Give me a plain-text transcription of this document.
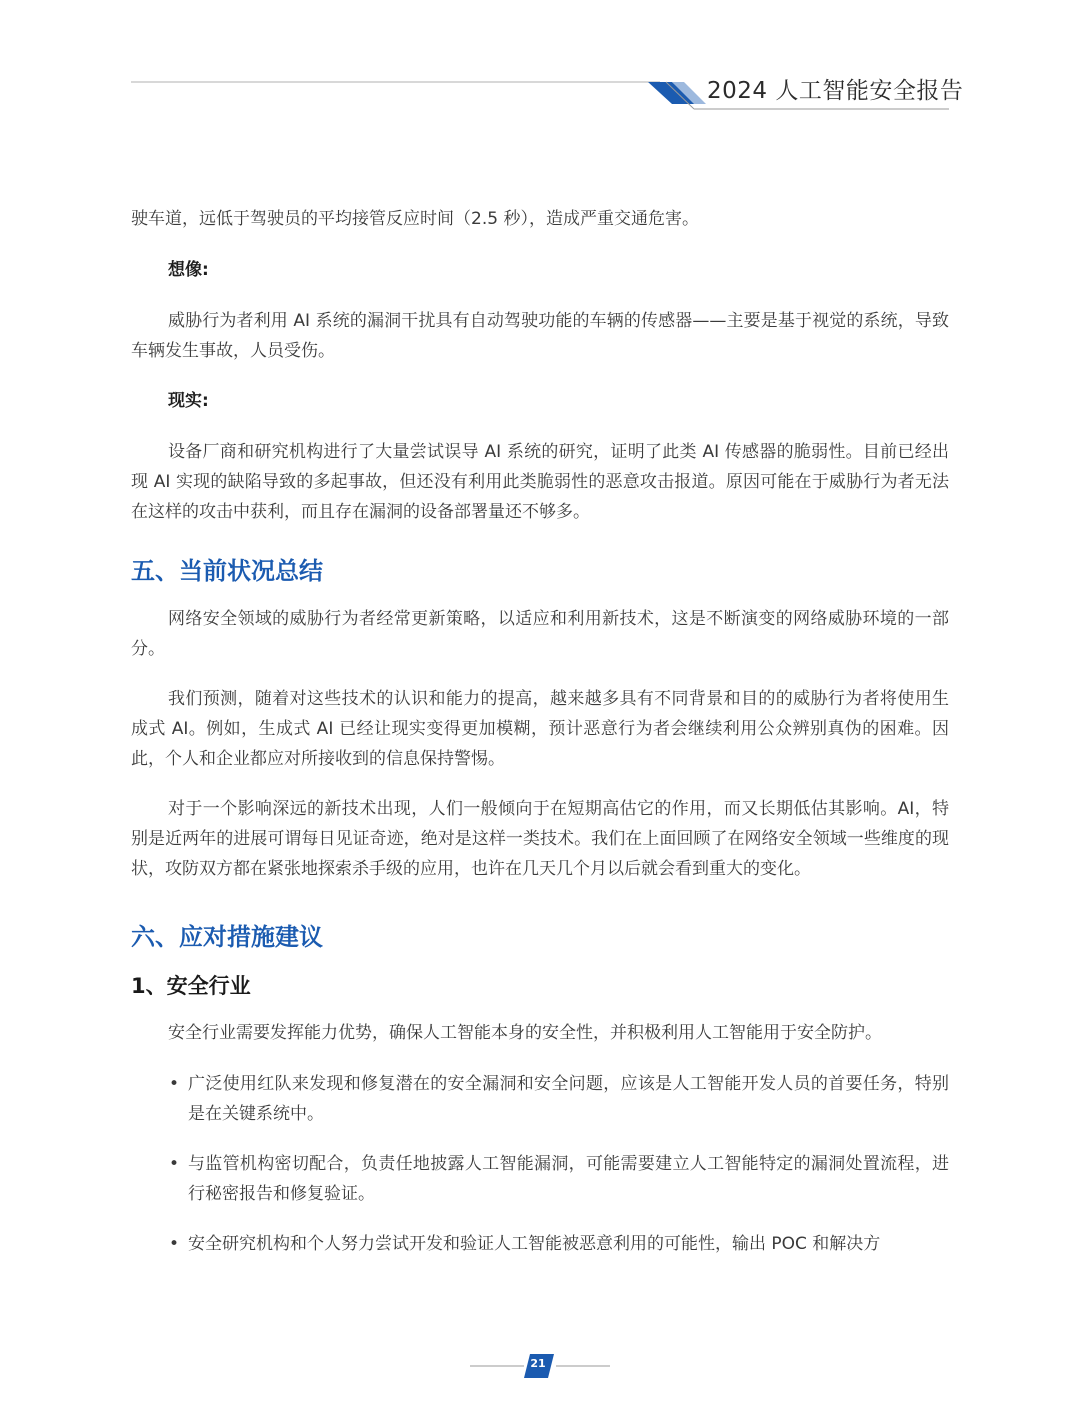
2024 人工智能安全报告

驶车道，远低于驾驶员的平均接管反应时间（2.5 秒），造成严重交通危害。

想像:

威胁行为者利用 AI 系统的漏洞干扰具有自动驾驶功能的车辆的传感器——主要是基于视觉的系统，导致车辆发生事故，人员受伤。

现实:

设备厂商和研究机构进行了大量尝试误导 AI 系统的研究，证明了此类 AI 传感器的脆弱性。目前已经出现 AI 实现的缺陷导致的多起事故，但还没有利用此类脆弱性的恶意攻击报道。原因可能在于威胁行为者无法在这样的攻击中获利，而且存在漏洞的设备部署量还不够多。

五、当前状况总结

网络安全领域的威胁行为者经常更新策略，以适应和利用新技术，这是不断演变的网络威胁环境的一部分。

我们预测，随着对这些技术的认识和能力的提高，越来越多具有不同背景和目的的威胁行为者将使用生成式 AI。例如，生成式 AI 已经让现实变得更加模糊，预计恶意行为者会继续利用公众辨别真伪的困难。因此，个人和企业都应对所接收到的信息保持警惕。

对于一个影响深远的新技术出现，人们一般倾向于在短期高估它的作用，而又长期低估其影响。AI，特别是近两年的进展可谓每日见证奇迹，绝对是这样一类技术。我们在上面回顾了在网络安全领域一些维度的现状，攻防双方都在紧张地探索杀手级的应用，也许在几天几个月以后就会看到重大的变化。

六、应对措施建议
1、安全行业

安全行业需要发挥能力优势，确保人工智能本身的安全性，并积极利用人工智能用于安全防护。

• 广泛使用红队来发现和修复潜在的安全漏洞和安全问题，应该是人工智能开发人员的首要任务，特别是在关键系统中。
• 与监管机构密切配合，负责任地披露人工智能漏洞，可能需要建立人工智能特定的漏洞处置流程，进行秘密报告和修复验证。
• 安全研究机构和个人努力尝试开发和验证人工智能被恶意利用的可能性，输出 POC 和解决方
21
